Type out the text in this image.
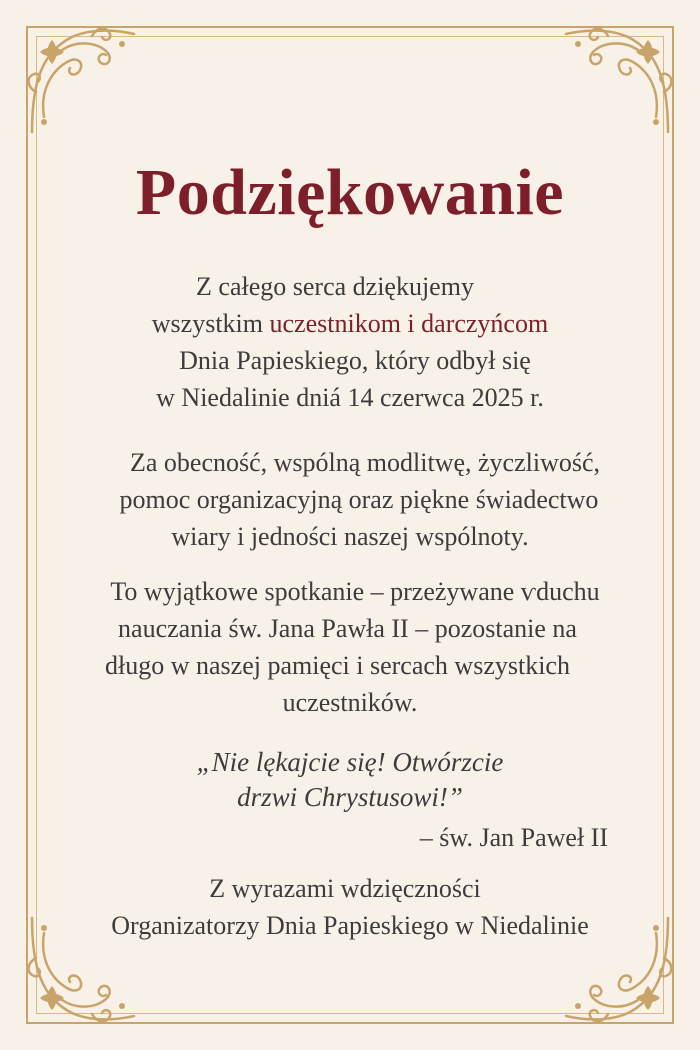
Podziękowanie
Z całego serca dziękujemy
wszystkim uczestnikom i darczyńcom
Dnia Papieskiego, który odbył się
w Niedalinie dniá 14 czerwca 2025 r.
Za obecność, wspólną modlitwę, życzliwość,
pomoc organizacyjną oraz piękne świadectwo
wiary i jedności naszej wspólnoty.
To wyjątkowe spotkanie – przeżywane ѵduchu
nauczania św. Jana Pawła II – pozostanie na
długo w naszej pamięci i sercach wszystkich
uczestników.
„Nie lękajcie się! Otwórzcie
drzwi Chrystusowi!”
– św. Jan Paweł II
Z wyrazami wdzięczności
Organizatorzy Dnia Papieskiego w Niedalinie
